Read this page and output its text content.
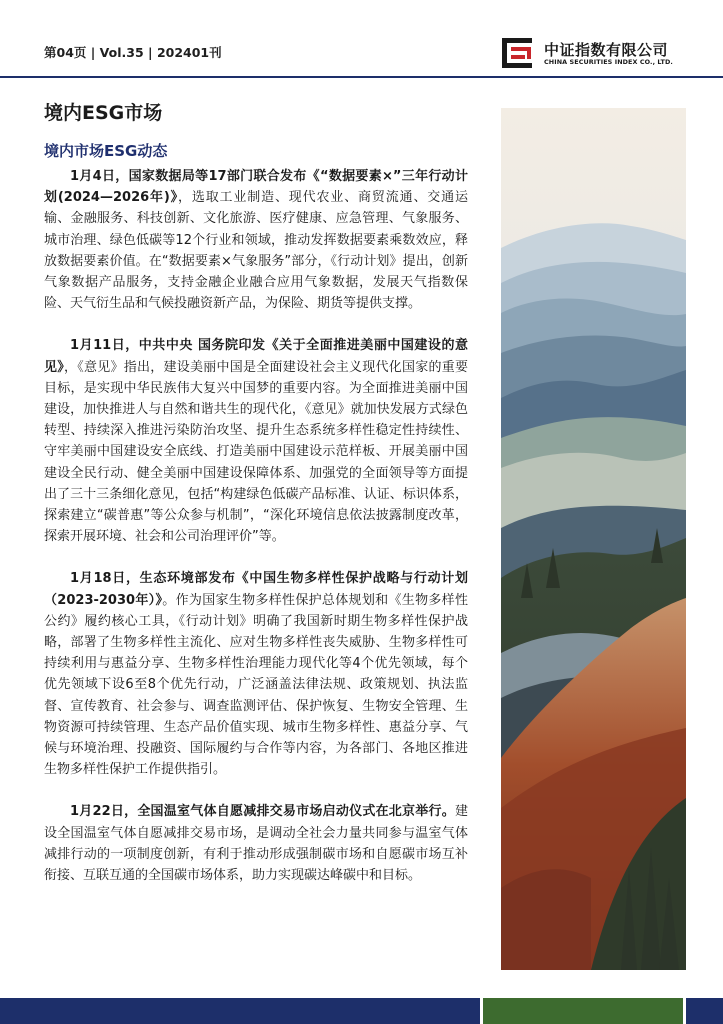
第04页 | Vol.35 | 202401刊	中证指数有限公司
CHINA SECURITIES INDEX CO., LTD.
境内ESG市场
境内市场ESG动态

1月4日，国家数据局等17部门联合发布《“数据要素×”三年行动计划(2024—2026年)》，选取工业制造、现代农业、商贸流通、交通运输、金融服务、科技创新、文化旅游、医疗健康、应急管理、气象服务、城市治理、绿色低碳等12个行业和领域，推动发挥数据要素乘数效应，释放数据要素价值。在“数据要素×气象服务”部分，《行动计划》提出，创新气象数据产品服务，支持金融企业融合应用气象数据，发展天气指数保险、天气衍生品和气候投融资新产品，为保险、期货等提供支撑。

1月11日，中共中央 国务院印发《关于全面推进美丽中国建设的意见》，《意见》指出，建设美丽中国是全面建设社会主义现代化国家的重要目标，是实现中华民族伟大复兴中国梦的重要内容。为全面推进美丽中国建设，加快推进人与自然和谐共生的现代化，《意见》就加快发展方式绿色转型、持续深入推进污染防治攻坚、提升生态系统多样性稳定性持续性、守牢美丽中国建设安全底线、打造美丽中国建设示范样板、开展美丽中国建设全民行动、健全美丽中国建设保障体系、加强党的全面领导等方面提出了三十三条细化意见，包括“构建绿色低碳产品标准、认证、标识体系，探索建立“碳普惠”等公众参与机制”，“深化环境信息依法披露制度改革，探索开展环境、社会和公司治理评价”等。

1月18日，生态环境部发布《中国生物多样性保护战略与行动计划（2023-2030年）》。作为国家生物多样性保护总体规划和《生物多样性公约》履约核心工具，《行动计划》明确了我国新时期生物多样性保护战略，部署了生物多样性主流化、应对生物多样性丧失威胁、生物多样性可持续利用与惠益分享、生物多样性治理能力现代化等4个优先领域，每个优先领域下设6至8个优先行动，广泛涵盖法律法规、政策规划、执法监督、宣传教育、社会参与、调查监测评估、保护恢复、生物安全管理、生物资源可持续管理、生态产品价值实现、城市生物多样性、惠益分享、气候与环境治理、投融资、国际履约与合作等内容，为各部门、各地区推进生物多样性保护工作提供指引。

1月22日，全国温室气体自愿减排交易市场启动仪式在北京举行。建设全国温室气体自愿减排交易市场，是调动全社会力量共同参与温室气体减排行动的一项制度创新，有利于推动形成强制碳市场和自愿碳市场互补衔接、互联互通的全国碳市场体系，助力实现碳达峰碳中和目标。
